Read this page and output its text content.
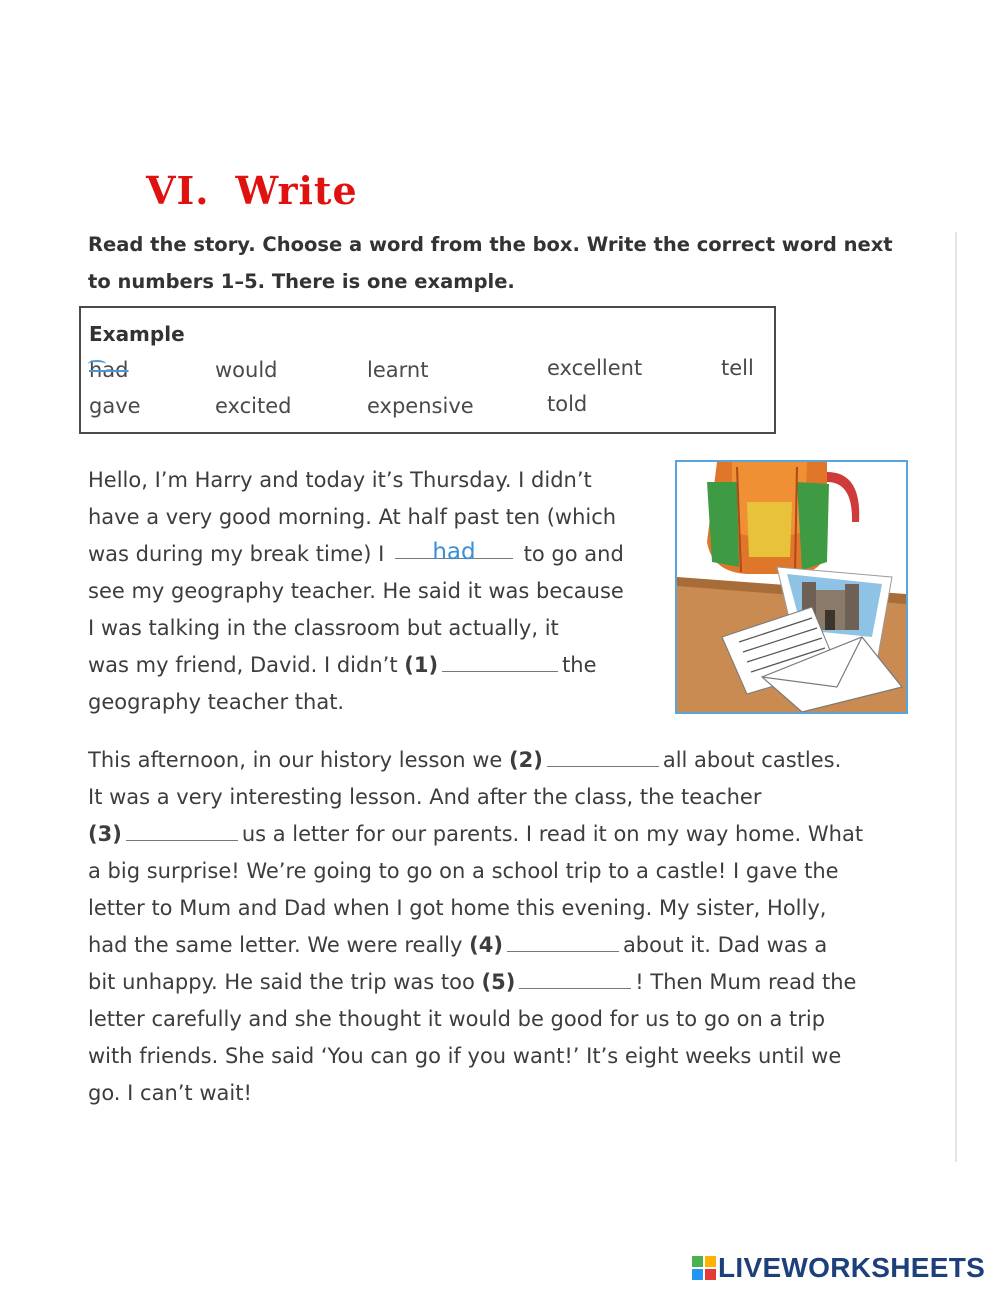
VI. Write
Read the story. Choose a word from the box. Write the correct word next
to numbers 1–5. There is one example.
Example
had	would	learnt	excellent	tell
gave	excited	expensive	told
Hello, I’m Harry and today it’s Thursday. I didn’t
have a very good morning. At half past ten (which
was during my break time) I had to go and
see my geography teacher. He said it was because
I was talking in the classroom but actually, it
was my friend, David. I didn’t (1)	the
geography teacher that.
This afternoon, in our history lesson we (2)	all about castles.
It was a very interesting lesson. And after the class, the teacher
(3)	us a letter for our parents. I read it on my way home. What
a big surprise! We’re going to go on a school trip to a castle! I gave the
letter to Mum and Dad when I got home this evening. My sister, Holly,
had the same letter. We were really (4)	about it. Dad was a
bit unhappy. He said the trip was too (5)	! Then Mum read the
letter carefully and she thought it would be good for us to go on a trip
with friends. She said ‘You can go if you want!’ It’s eight weeks until we
go. I can’t wait!
LIVEWORKSHEETS
